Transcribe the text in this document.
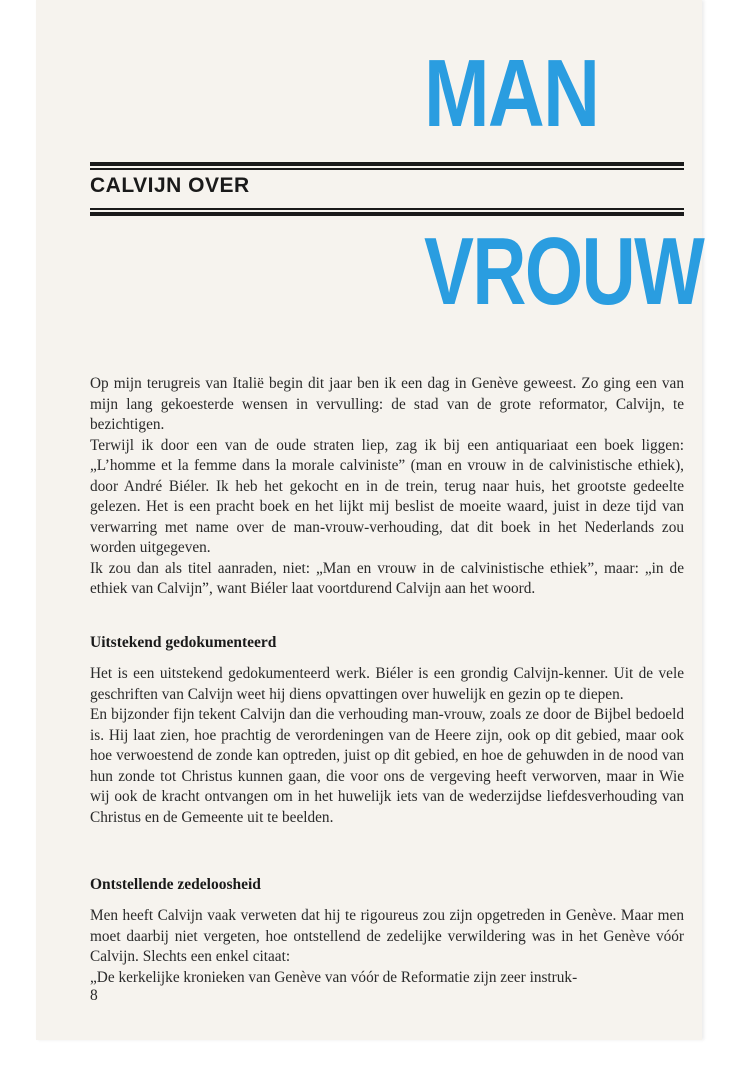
MAN
CALVIJN OVER
VROUW

Op mijn terugreis van Italië begin dit jaar ben ik een dag in Genève geweest. Zo ging een van mijn lang gekoesterde wensen in vervulling: de stad van de grote reformator, Calvijn, te bezichtigen.

Terwijl ik door een van de oude straten liep, zag ik bij een antiquariaat een boek liggen: „L’homme et la femme dans la morale calviniste” (man en vrouw in de calvinistische ethiek), door André Biéler. Ik heb het gekocht en in de trein, terug naar huis, het grootste gedeelte gelezen. Het is een pracht boek en het lijkt mij beslist de moeite waard, juist in deze tijd van verwarring met name over de man-vrouw-verhouding, dat dit boek in het Nederlands zou worden uitgegeven.

Ik zou dan als titel aanraden, niet: „Man en vrouw in de calvinistische ethiek”, maar: „in de ethiek van Calvijn”, want Biéler laat voortdurend Calvijn aan het woord.

Uitstekend gedokumenteerd

Het is een uitstekend gedokumenteerd werk. Biéler is een grondig Calvijn-kenner. Uit de vele geschriften van Calvijn weet hij diens opvattingen over huwelijk en gezin op te diepen.

En bijzonder fijn tekent Calvijn dan die verhouding man-vrouw, zoals ze door de Bijbel bedoeld is. Hij laat zien, hoe prachtig de verordeningen van de Heere zijn, ook op dit gebied, maar ook hoe verwoestend de zonde kan optreden, juist op dit gebied, en hoe de gehuwden in de nood van hun zonde tot Christus kunnen gaan, die voor ons de vergeving heeft verworven, maar in Wie wij ook de kracht ontvangen om in het huwelijk iets van de wederzijdse liefdesverhouding van Christus en de Gemeente uit te beelden.

Ontstellende zedeloosheid

Men heeft Calvijn vaak verweten dat hij te rigoureus zou zijn opgetreden in Genève. Maar men moet daarbij niet vergeten, hoe ontstellend de zedelijke verwildering was in het Genève vóór Calvijn. Slechts een enkel citaat:

„De kerkelijke kronieken van Genève van vóór de Reformatie zijn zeer instruk-

8
